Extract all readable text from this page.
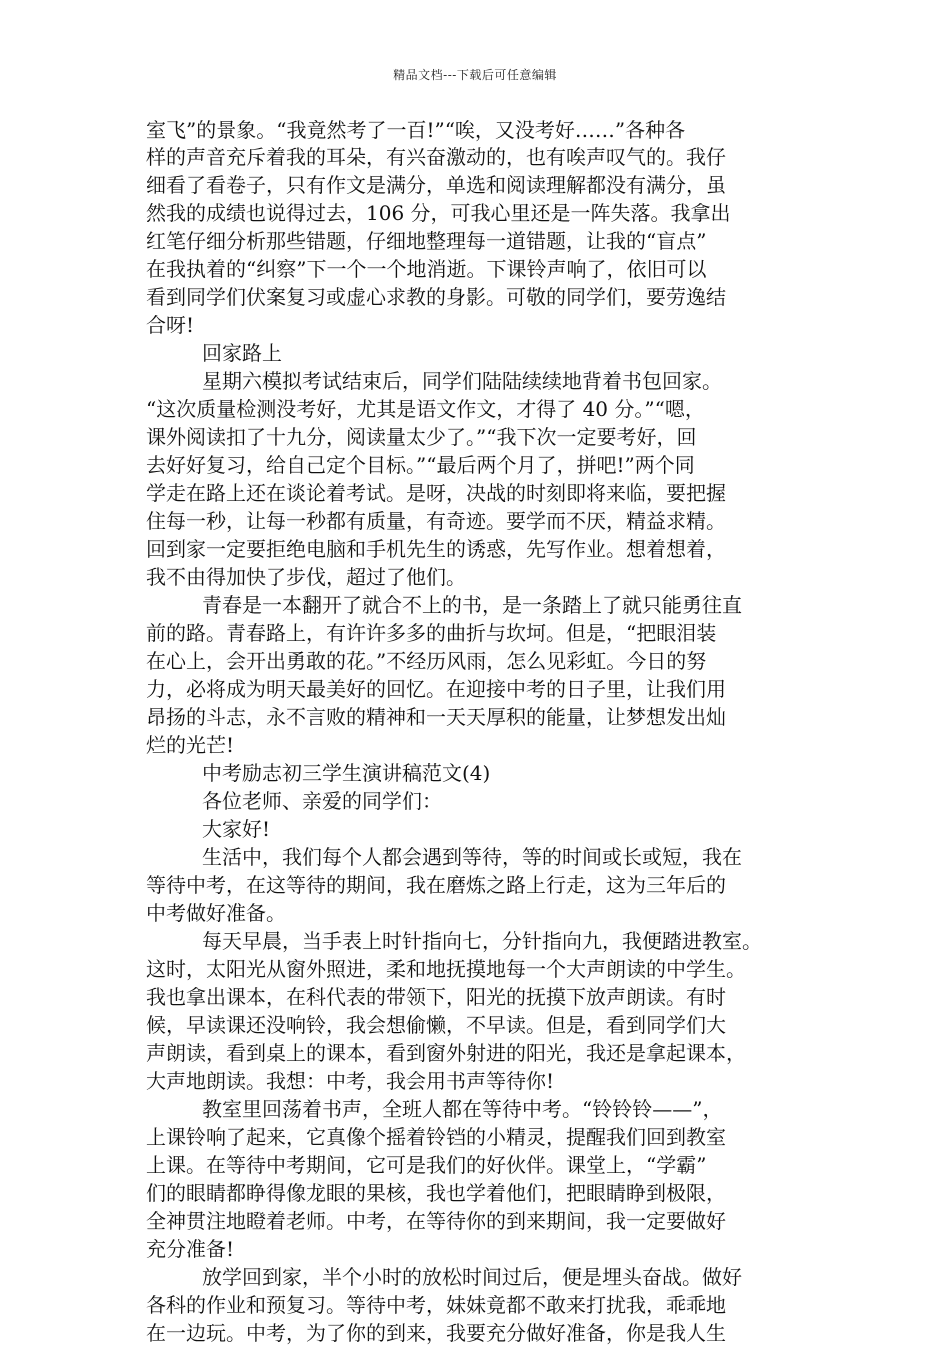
精品文档---下载后可任意编辑
室飞”的景象。“我竟然考了一百!”“唉，又没考好……”各种各
样的声音充斥着我的耳朵，有兴奋激动的，也有唉声叹气的。我仔
细看了看卷子，只有作文是满分，单选和阅读理解都没有满分，虽
然我的成绩也说得过去，106 分，可我心里还是一阵失落。我拿出
红笔仔细分析那些错题，仔细地整理每一道错题，让我的“盲点”
在我执着的“纠察”下一个一个地消逝。下课铃声响了，依旧可以
看到同学们伏案复习或虚心求教的身影。可敬的同学们，要劳逸结
合呀!
回家路上
星期六模拟考试结束后，同学们陆陆续续地背着书包回家。
“这次质量检测没考好，尤其是语文作文，才得了 40 分。”“嗯，
课外阅读扣了十九分，阅读量太少了。”“我下次一定要考好，回
去好好复习，给自己定个目标。”“最后两个月了，拼吧!”两个同
学走在路上还在谈论着考试。是呀，决战的时刻即将来临，要把握
住每一秒，让每一秒都有质量，有奇迹。要学而不厌，精益求精。
回到家一定要拒绝电脑和手机先生的诱惑，先写作业。想着想着，
我不由得加快了步伐，超过了他们。
青春是一本翻开了就合不上的书，是一条踏上了就只能勇往直
前的路。青春路上，有许许多多的曲折与坎坷。但是，“把眼泪装
在心上，会开出勇敢的花。”不经历风雨，怎么见彩虹。今日的努
力，必将成为明天最美好的回忆。在迎接中考的日子里，让我们用
昂扬的斗志，永不言败的精神和一天天厚积的能量，让梦想发出灿
烂的光芒!
中考励志初三学生演讲稿范文(4)
各位老师、亲爱的同学们：
大家好!
生活中，我们每个人都会遇到等待，等的时间或长或短，我在
等待中考，在这等待的期间，我在磨炼之路上行走，这为三年后的
中考做好准备。
每天早晨，当手表上时针指向七，分针指向九，我便踏进教室。
这时，太阳光从窗外照进，柔和地抚摸地每一个大声朗读的中学生。
我也拿出课本，在科代表的带领下，阳光的抚摸下放声朗读。有时
候，早读课还没响铃，我会想偷懒，不早读。但是，看到同学们大
声朗读，看到桌上的课本，看到窗外射进的阳光，我还是拿起课本，
大声地朗读。我想：中考，我会用书声等待你!
教室里回荡着书声，全班人都在等待中考。“铃铃铃——”，
上课铃响了起来，它真像个摇着铃铛的小精灵，提醒我们回到教室
上课。在等待中考期间，它可是我们的好伙伴。课堂上，“学霸”
们的眼睛都睁得像龙眼的果核，我也学着他们，把眼睛睁到极限，
全神贯注地瞪着老师。中考，在等待你的到来期间，我一定要做好
充分准备!
放学回到家，半个小时的放松时间过后，便是埋头奋战。做好
各科的作业和预复习。等待中考，妹妹竟都不敢来打扰我，乖乖地
在一边玩。中考，为了你的到来，我要充分做好准备，你是我人生
